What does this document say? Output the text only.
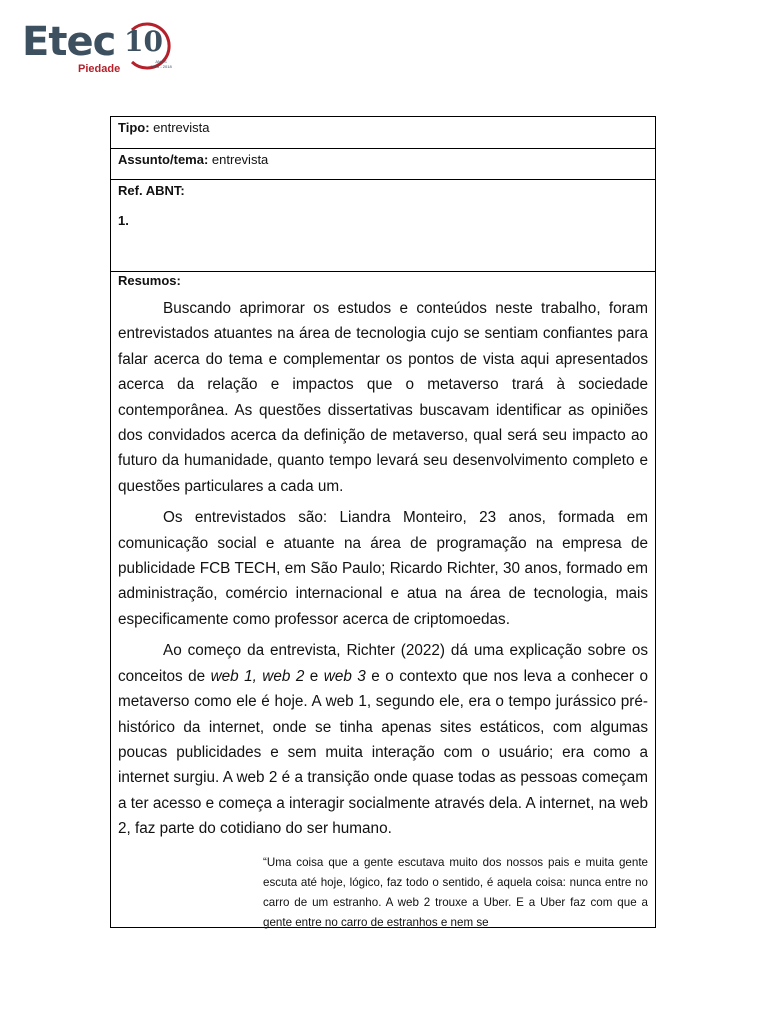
Etec 10
ANOS
2008 - 2018
Piedade
Tipo: entrevista
Assunto/tema: entrevista
Ref. ABNT:
1.
Resumos:

Buscando aprimorar os estudos e conteúdos neste trabalho, foram entrevistados atuantes na área de tecnologia cujo se sentiam confiantes para falar acerca do tema e complementar os pontos de vista aqui apresentados acerca da relação e impactos que o metaverso trará à sociedade contemporânea. As questões dissertativas buscavam identificar as opiniões dos convidados acerca da definição de metaverso, qual será seu impacto ao futuro da humanidade, quanto tempo levará seu desenvolvimento completo e questões particulares a cada um.

Os entrevistados são: Liandra Monteiro, 23 anos, formada em comunicação social e atuante na área de programação na empresa de publicidade FCB TECH, em São Paulo; Ricardo Richter, 30 anos, formado em administração, comércio internacional e atua na área de tecnologia, mais especificamente como professor acerca de criptomoedas.

Ao começo da entrevista, Richter (2022) dá uma explicação sobre os conceitos de web 1, web 2 e web 3 e o contexto que nos leva a conhecer o metaverso como ele é hoje. A web 1, segundo ele, era o tempo jurássico pré-histórico da internet, onde se tinha apenas sites estáticos, com algumas poucas publicidades e sem muita interação com o usuário; era como a internet surgiu. A web 2 é a transição onde quase todas as pessoas começam a ter acesso e começa a interagir socialmente através dela. A internet, na web 2, faz parte do cotidiano do ser humano.

“Uma coisa que a gente escutava muito dos nossos pais e muita gente escuta até hoje, lógico, faz todo o sentido, é aquela coisa: nunca entre no carro de um estranho. A web 2 trouxe a Uber. E a Uber faz com que a gente entre no carro de estranhos e nem se
